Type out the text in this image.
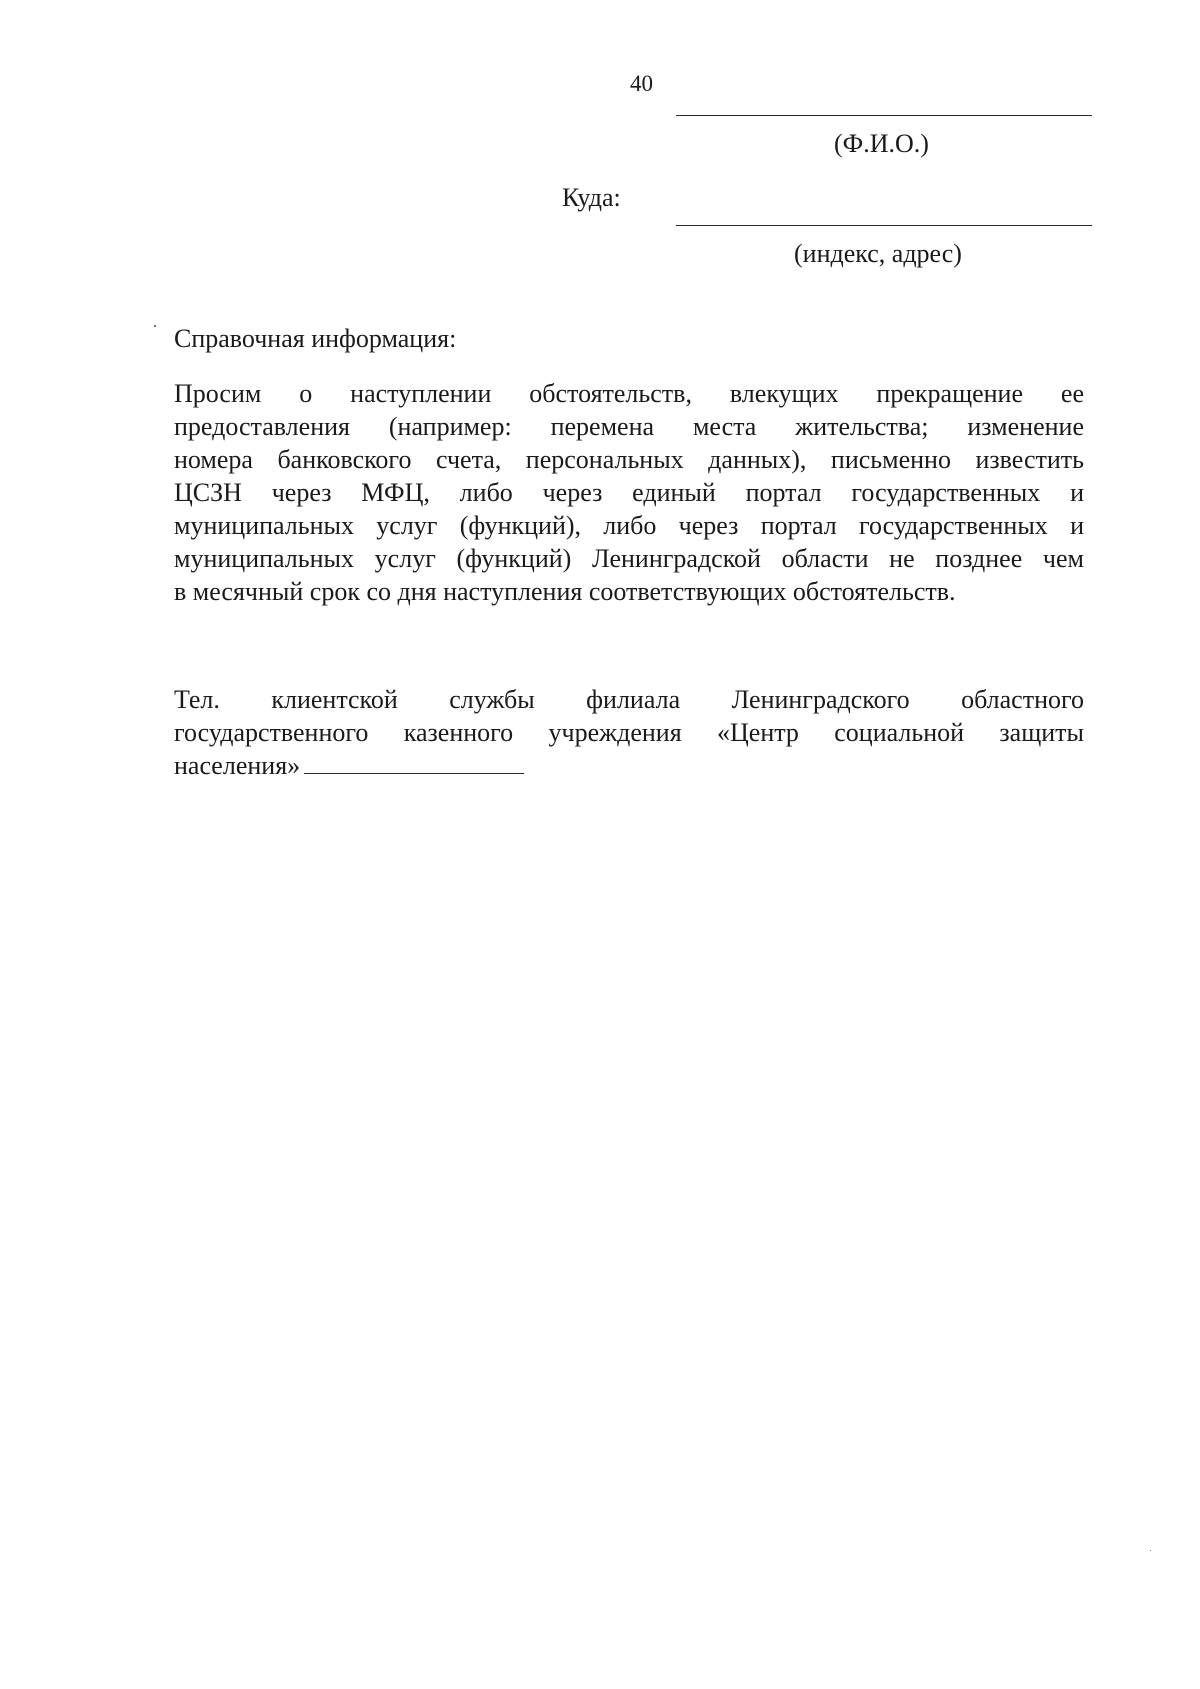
40
(Ф.И.О.)
Куда:
(индекс, адрес)
Справочная информация:
Просим о наступлении обстоятельств, влекущих прекращение ее
предоставления (например: перемена места жительства; изменение
номера банковского счета, персональных данных), письменно известить
ЦСЗН через МФЦ, либо через единый портал государственных и
муниципальных услуг (функций), либо через портал государственных и
муниципальных услуг (функций) Ленинградской области не позднее чем
в месячный срок со дня наступления соответствующих обстоятельств.
Тел. клиентской службы филиала Ленинградского областного
государственного казенного учреждения «Центр социальной защиты
населения»
